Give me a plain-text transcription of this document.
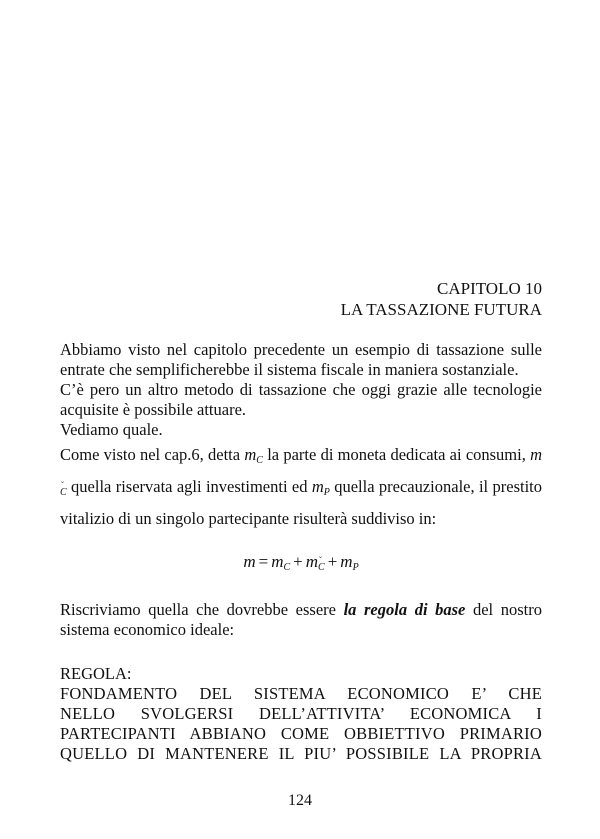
CAPITOLO 10
LA TASSAZIONE FUTURA

Abbiamo visto nel capitolo precedente un esempio di tassazione sulle entrate che semplificherebbe il sistema fiscale in maniera sostanziale.

C’è pero un altro metodo di tassazione che oggi grazie alle tecnologie acquisite è possibile attuare.

Vediamo quale.

Come visto nel cap.6, detta $m_C$ la parte di moneta dedicata ai consumi, $m_C$ ˘ quella riservata agli investimenti ed $m_P$ quella precauzionale, il prestito vitalizio di un singolo partecipante risulterà suddiviso in:

$m = m_C + m_C$ ˘ + $m_P$

Riscriviamo quella che dovrebbe essere la regola di base del nostro sistema economico ideale:

REGOLA:
FONDAMENTO DEL SISTEMA ECONOMICO E’ CHE
NELLO SVOLGERSI DELL’ATTIVITA’ ECONOMICA I
PARTECIPANTI ABBIANO COME OBBIETTIVO PRIMARIO
QUELLO DI MANTENERE IL PIU’ POSSIBILE LA PROPRIA
124
